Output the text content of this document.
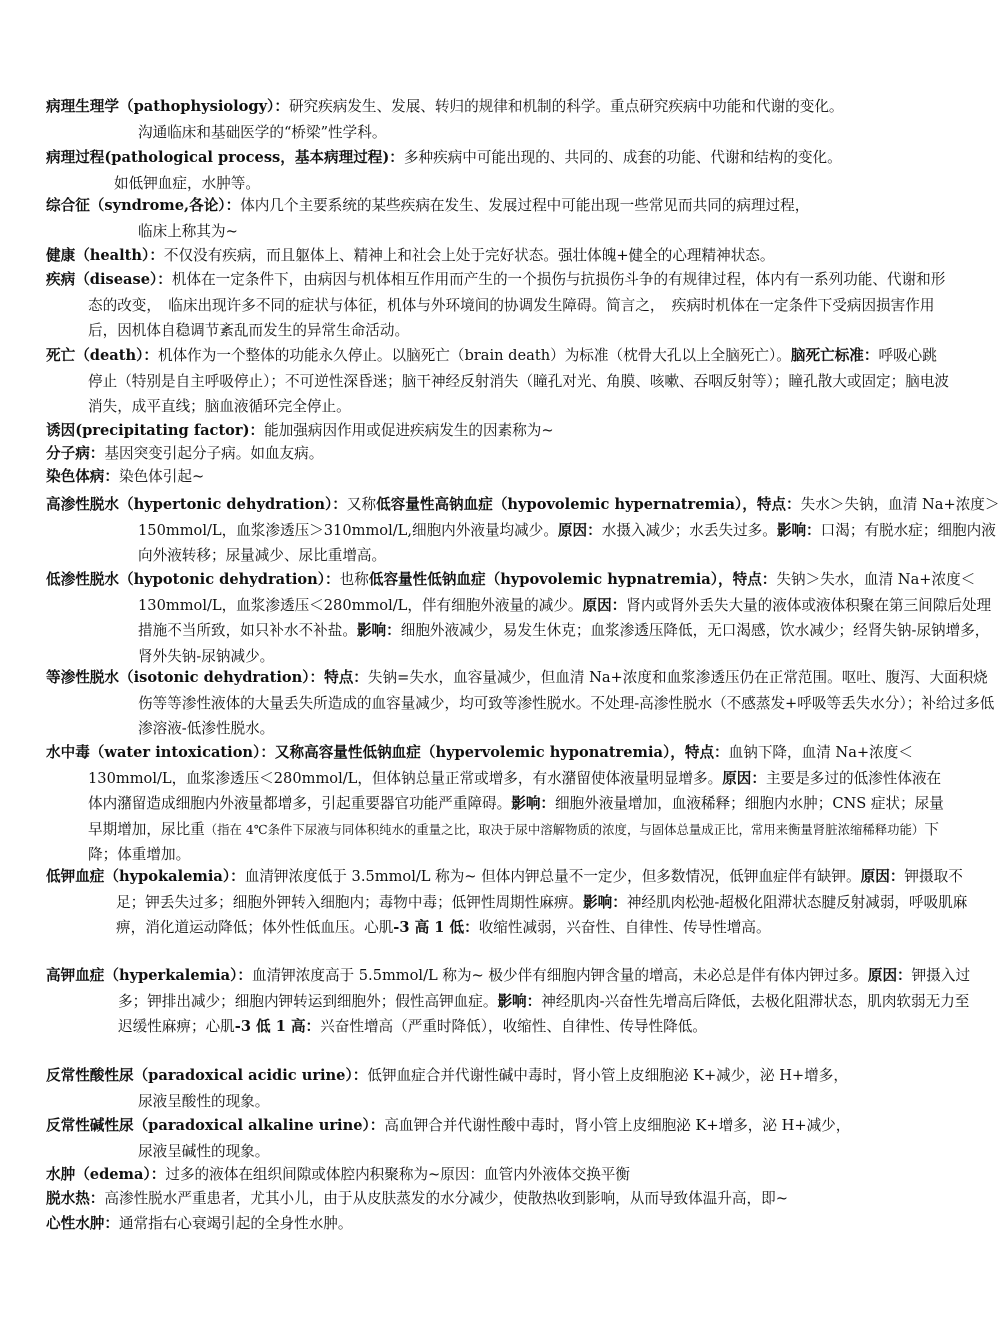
病理生理学（pathophysiology）：研究疾病发生、发展、转归的规律和机制的科学。重点研究疾病中功能和代谢的变化。
沟通临床和基础医学的“桥梁”性学科。
病理过程(pathological process，基本病理过程)：多种疾病中可能出现的、共同的、成套的功能、代谢和结构的变化。
如低钾血症，水肿等。
综合征（syndrome,各论）：体内几个主要系统的某些疾病在发生、发展过程中可能出现一些常见而共同的病理过程，
临床上称其为~
健康（health）：不仅没有疾病，而且躯体上、精神上和社会上处于完好状态。强壮体魄+健全的心理精神状态。
疾病（disease）：机体在一定条件下，由病因与机体相互作用而产生的一个损伤与抗损伤斗争的有规律过程，体内有一系列功能、代谢和形态的改变，　临床出现许多不同的症状与体征，机体与外环境间的协调发生障碍。简言之，　疾病时机体在一定条件下受病因损害作用后，因机体自稳调节紊乱而发生的异常生命活动。
死亡（death）：机体作为一个整体的功能永久停止。以脑死亡（brain death）为标准（枕骨大孔以上全脑死亡）。脑死亡标准：呼吸心跳停止（特别是自主呼吸停止）；不可逆性深昏迷；脑干神经反射消失（瞳孔对光、角膜、咳嗽、吞咽反射等）；瞳孔散大或固定；脑电波消失，成平直线；脑血液循环完全停止。
诱因(precipitating factor)：能加强病因作用或促进疾病发生的因素称为~
分子病：基因突变引起分子病。如血友病。
染色体病：染色体引起~
高渗性脱水（hypertonic dehydration）：又称低容量性高钠血症（hypovolemic hypernatremia），特点：失水＞失钠，血清 Na+浓度＞150mmol/L，血浆渗透压＞310mmol/L,细胞内外液量均减少。原因：水摄入减少；水丢失过多。影响：口渴；有脱水症；细胞内液向外液转移；尿量减少、尿比重增高。
低渗性脱水（hypotonic dehydration）：也称低容量性低钠血症（hypovolemic hypnatremia），特点：失钠＞失水，血清 Na+浓度＜130mmol/L，血浆渗透压＜280mmol/L，伴有细胞外液量的减少。原因：肾内或肾外丢失大量的液体或液体积聚在第三间隙后处理措施不当所致，如只补水不补盐。影响：细胞外液减少，易发生休克；血浆渗透压降低，无口渴感，饮水减少；经肾失钠-尿钠增多，肾外失钠-尿钠减少。
等渗性脱水（isotonic dehydration）：特点：失钠=失水，血容量减少，但血清 Na+浓度和血浆渗透压仍在正常范围。呕吐、腹泻、大面积烧伤等等渗性液体的大量丢失所造成的血容量减少，均可致等渗性脱水。不处理-高渗性脱水（不感蒸发+呼吸等丢失水分）；补给过多低渗溶液-低渗性脱水。
水中毒（water intoxication）：又称高容量性低钠血症（hypervolemic hyponatremia），特点：血钠下降，血清 Na+浓度＜130mmol/L，血浆渗透压＜280mmol/L，但体钠总量正常或增多，有水潴留使体液量明显增多。原因：主要是多过的低渗性体液在体内潴留造成细胞内外液量都增多，引起重要器官功能严重障碍。影响：细胞外液量增加，血液稀释；细胞内水肿；CNS 症状；尿量早期增加，尿比重（指在 4℃条件下尿液与同体积纯水的重量之比，取决于尿中溶解物质的浓度，与固体总量成正比，常用来衡量肾脏浓缩稀释功能）下降；体重增加。
低钾血症（hypokalemia）：血清钾浓度低于 3.5mmol/L 称为~ 但体内钾总量不一定少，但多数情况，低钾血症伴有缺钾。原因：钾摄取不足；钾丢失过多；细胞外钾转入细胞内；毒物中毒；低钾性周期性麻痹。影响：神经肌肉松弛-超极化阻滞状态腱反射减弱，呼吸肌麻痹，消化道运动降低；体外性低血压。心肌-3 高 1 低：收缩性减弱，兴奋性、自律性、传导性增高。
高钾血症（hyperkalemia）：血清钾浓度高于 5.5mmol/L 称为~ 极少伴有细胞内钾含量的增高，未必总是伴有体内钾过多。原因：钾摄入过多；钾排出减少；细胞内钾转运到细胞外；假性高钾血症。影响：神经肌肉-兴奋性先增高后降低，去极化阻滞状态，肌肉软弱无力至迟缓性麻痹；心肌-3 低 1 高：兴奋性增高（严重时降低），收缩性、自律性、传导性降低。
反常性酸性尿（paradoxical acidic urine）：低钾血症合并代谢性碱中毒时，肾小管上皮细胞泌 K+减少，泌 H+增多，
尿液呈酸性的现象。
反常性碱性尿（paradoxical alkaline urine）：高血钾合并代谢性酸中毒时，肾小管上皮细胞泌 K+增多，泌 H+减少，
尿液呈碱性的现象。
水肿（edema）：过多的液体在组织间隙或体腔内积聚称为~原因：血管内外液体交换平衡
脱水热：高渗性脱水严重患者，尤其小儿，由于从皮肤蒸发的水分减少，使散热收到影响，从而导致体温升高，即~
心性水肿：通常指右心衰竭引起的全身性水肿。
